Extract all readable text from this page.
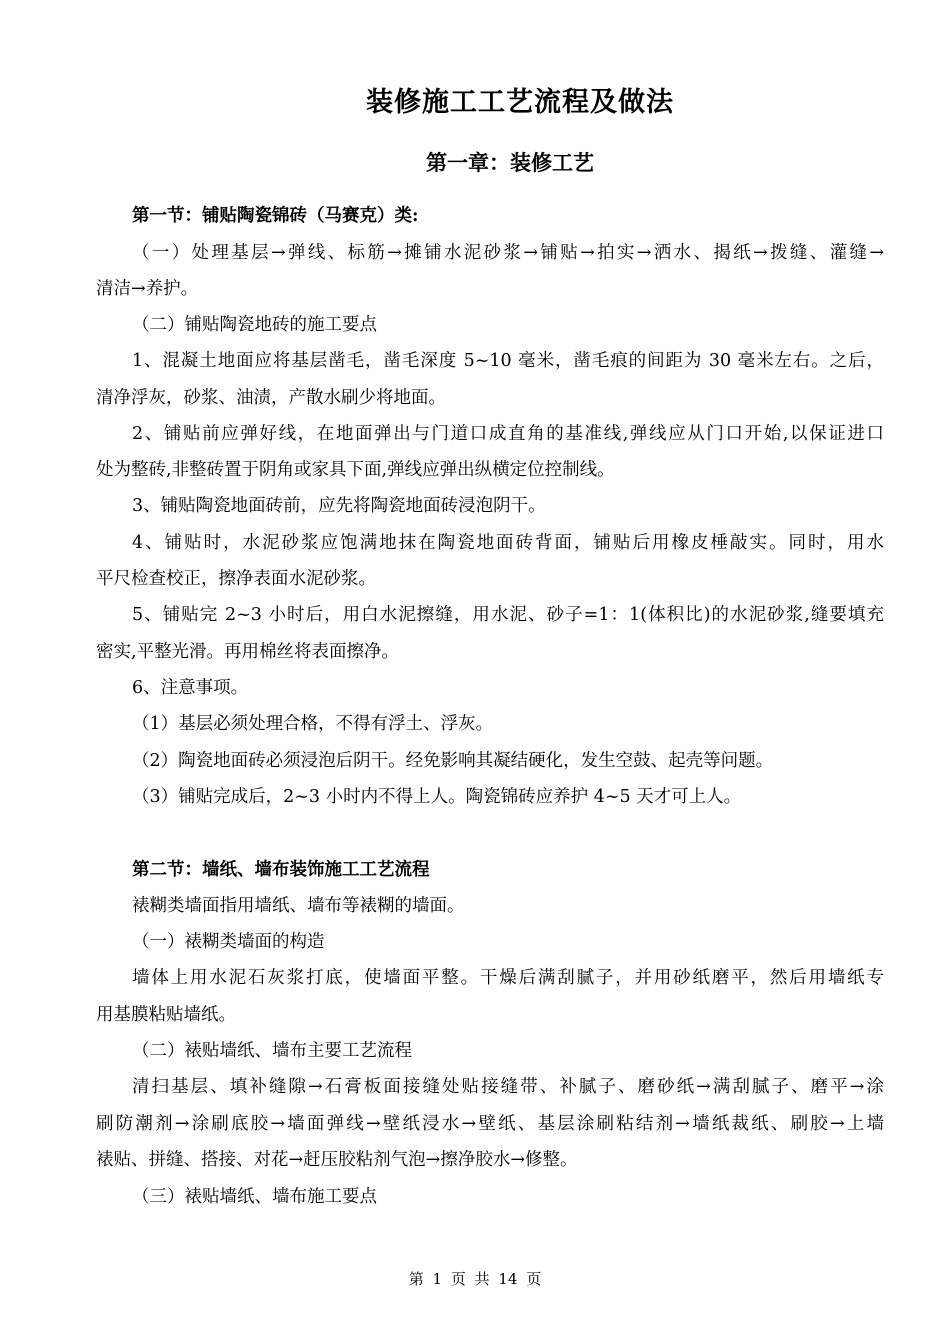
装修施工工艺流程及做法
第一章：装修工艺
第一节：铺贴陶瓷锦砖（马赛克）类:
（一）处理基层→弹线、标筋→摊铺水泥砂浆→铺贴→拍实→洒水、揭纸→拨缝、灌缝→
清洁→养护。
（二）铺贴陶瓷地砖的施工要点
1、混凝土地面应将基层凿毛，凿毛深度 5~10 毫米，凿毛痕的间距为 30 毫米左右。之后，
清净浮灰，砂浆、油渍，产散水刷少将地面。
2、铺贴前应弹好线，在地面弹出与门道口成直角的基准线,弹线应从门口开始,以保证进口
处为整砖,非整砖置于阴角或家具下面,弹线应弹出纵横定位控制线。
3、铺贴陶瓷地面砖前，应先将陶瓷地面砖浸泡阴干。
4、铺贴时，水泥砂浆应饱满地抹在陶瓷地面砖背面，铺贴后用橡皮棰敲实。同时，用水
平尺检查校正，擦净表面水泥砂浆。
5、铺贴完 2~3 小时后，用白水泥擦缝，用水泥、砂子=1：1(体积比)的水泥砂浆,缝要填充
密实,平整光滑。再用棉丝将表面擦净。
6、注意事项。
（1）基层必须处理合格，不得有浮土、浮灰。
（2）陶瓷地面砖必须浸泡后阴干。经免影响其凝结硬化，发生空鼓、起壳等问题。
（3）铺贴完成后，2~3 小时内不得上人。陶瓷锦砖应养护 4~5 天才可上人。
第二节：墙纸、墙布装饰施工工艺流程
裱糊类墙面指用墙纸、墙布等裱糊的墙面。
（一）裱糊类墙面的构造
墙体上用水泥石灰浆打底，使墙面平整。干燥后满刮腻子，并用砂纸磨平，然后用墙纸专
用基膜粘贴墙纸。
（二）裱贴墙纸、墙布主要工艺流程
清扫基层、填补缝隙→石膏板面接缝处贴接缝带、补腻子、磨砂纸→满刮腻子、磨平→涂
刷防潮剂→涂刷底胶→墙面弹线→壁纸浸水→壁纸、基层涂刷粘结剂→墙纸裁纸、刷胶→上墙
裱贴、拼缝、搭接、对花→赶压胶粘剂气泡→擦净胶水→修整。
（三）裱贴墙纸、墙布施工要点
第 1 页 共 14 页
